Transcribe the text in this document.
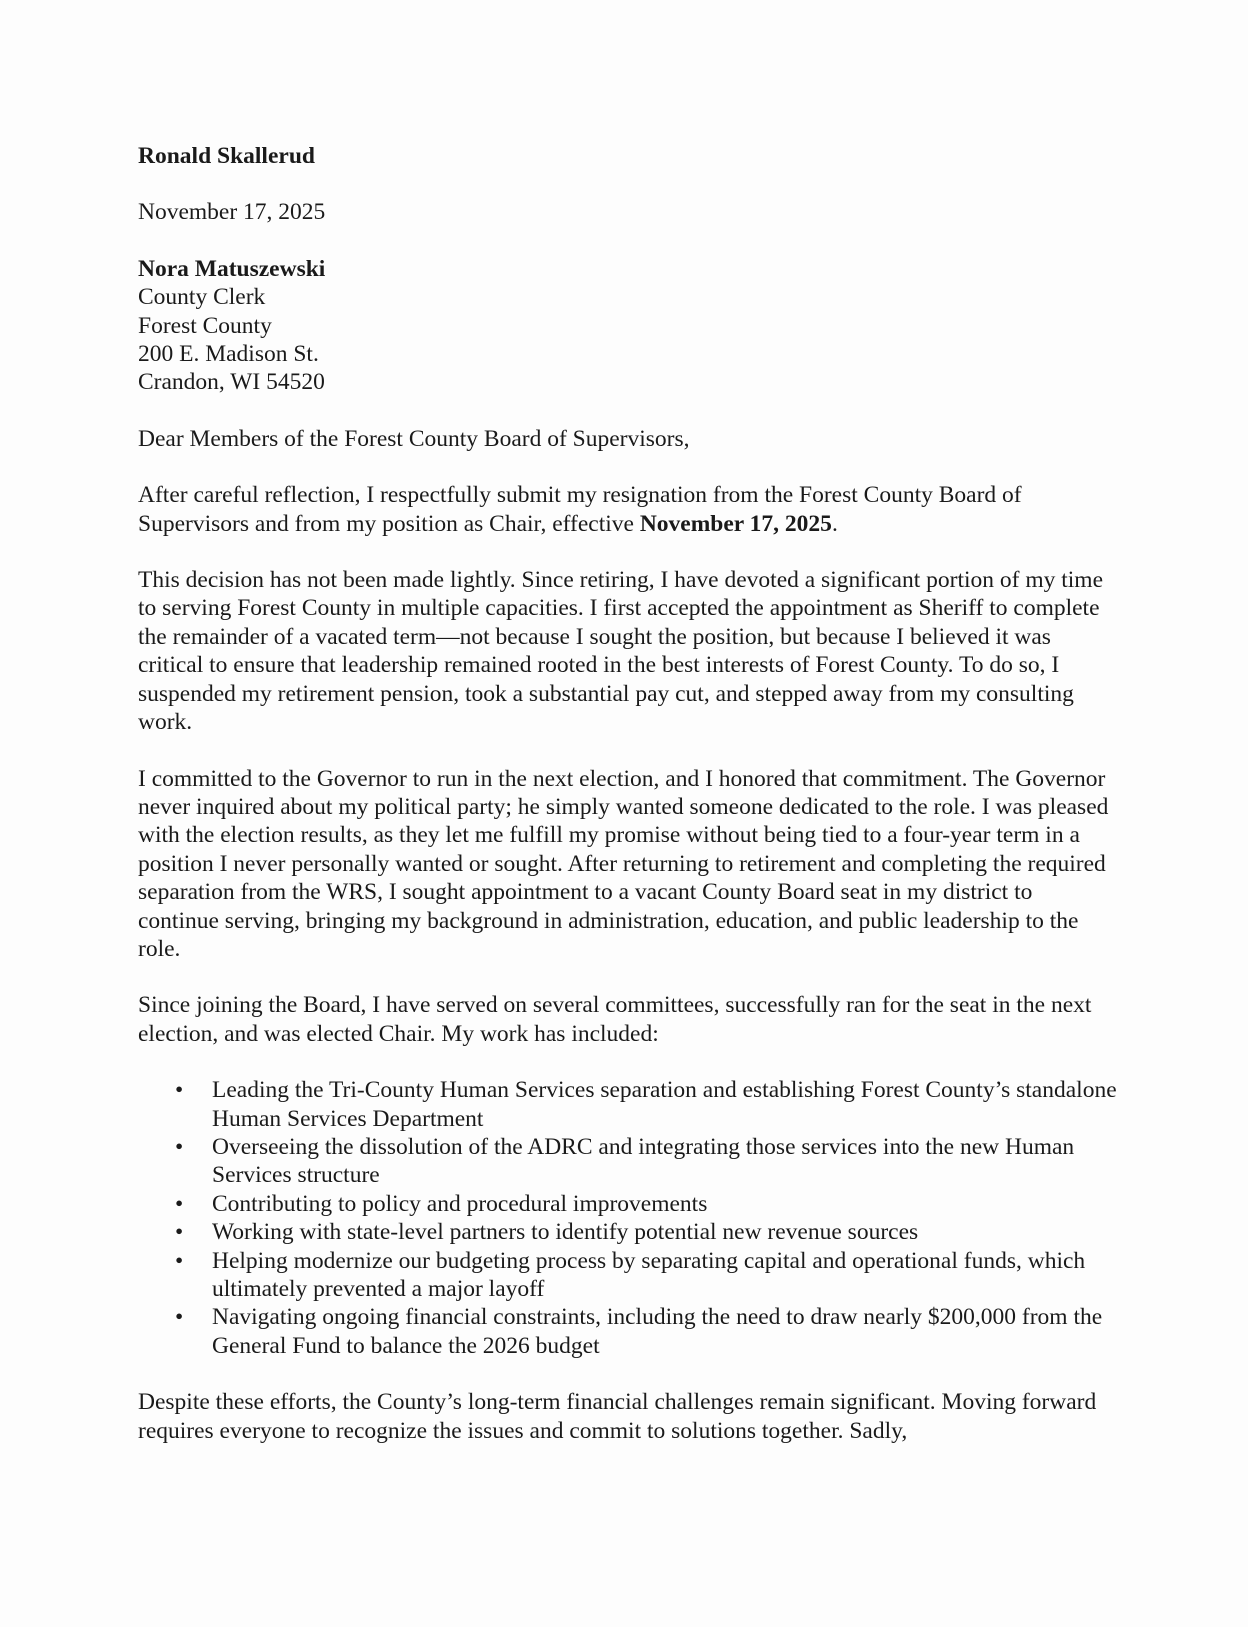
Ronald Skallerud

November 17, 2025

Nora Matuszewski
County Clerk
Forest County
200 E. Madison St.
Crandon, WI 54520

Dear Members of the Forest County Board of Supervisors,

After careful reflection, I respectfully submit my resignation from the Forest County Board of Supervisors and from my position as Chair, effective November 17, 2025.

This decision has not been made lightly. Since retiring, I have devoted a significant portion of my time to serving Forest County in multiple capacities. I first accepted the appointment as Sheriff to complete the remainder of a vacated term—not because I sought the position, but because I believed it was critical to ensure that leadership remained rooted in the best interests of Forest County. To do so, I suspended my retirement pension, took a substantial pay cut, and stepped away from my consulting work.

I committed to the Governor to run in the next election, and I honored that commitment. The Governor never inquired about my political party; he simply wanted someone dedicated to the role. I was pleased with the election results, as they let me fulfill my promise without being tied to a four-year term in a position I never personally wanted or sought. After returning to retirement and completing the required separation from the WRS, I sought appointment to a vacant County Board seat in my district to continue serving, bringing my background in administration, education, and public leadership to the role.

Since joining the Board, I have served on several committees, successfully ran for the seat in the next election, and was elected Chair. My work has included:

• Leading the Tri-County Human Services separation and establishing Forest County’s standalone Human Services Department
• Overseeing the dissolution of the ADRC and integrating those services into the new Human Services structure
• Contributing to policy and procedural improvements
• Working with state-level partners to identify potential new revenue sources
• Helping modernize our budgeting process by separating capital and operational funds, which ultimately prevented a major layoff
• Navigating ongoing financial constraints, including the need to draw nearly $200,000 from the General Fund to balance the 2026 budget

Despite these efforts, the County’s long-term financial challenges remain significant. Moving forward requires everyone to recognize the issues and commit to solutions together. Sadly,
